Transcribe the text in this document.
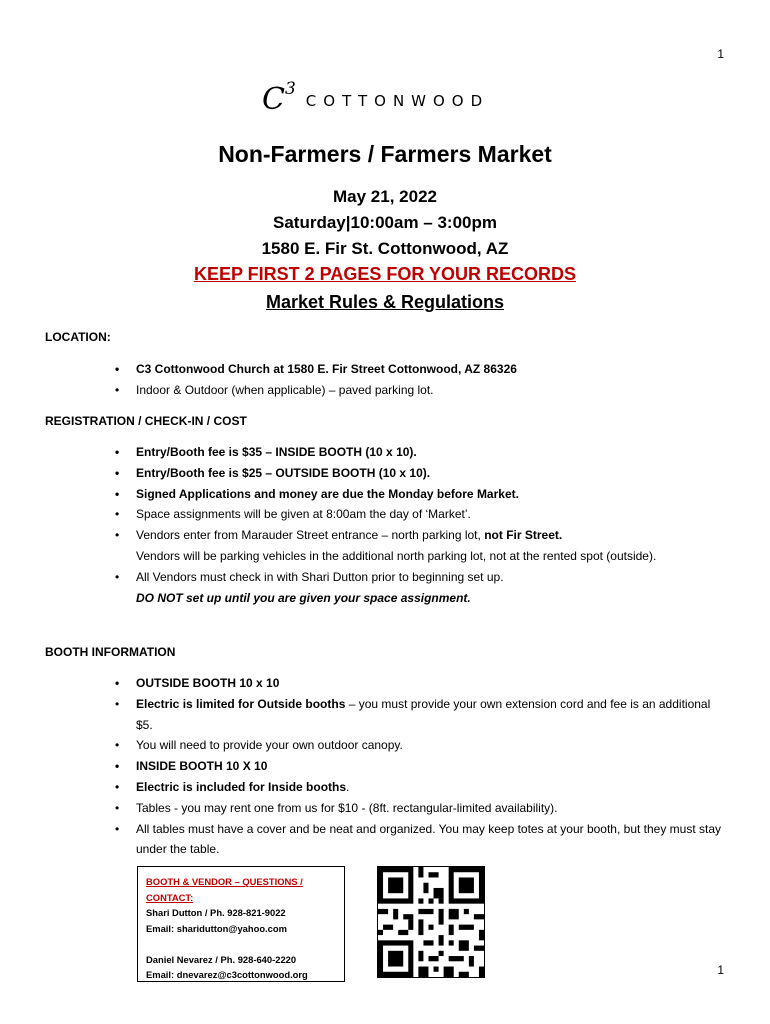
1
$C^3$
COTTONWOOD
Non-Farmers / Farmers Market
May 21, 2022
Saturday|10:00am – 3:00pm
1580 E. Fir St. Cottonwood, AZ
KEEP FIRST 2 PAGES FOR YOUR RECORDS
Market Rules & Regulations
LOCATION:
• C3 Cottonwood Church at 1580 E. Fir Street Cottonwood, AZ 86326
• Indoor & Outdoor (when applicable) – paved parking lot.
REGISTRATION / CHECK-IN / COST
• Entry/Booth fee is $35 – INSIDE BOOTH (10 x 10).
• Entry/Booth fee is $25 – OUTSIDE BOOTH (10 x 10).
• Signed Applications and money are due the Monday before Market.
• Space assignments will be given at 8:00am the day of ‘Market’.
• Vendors enter from Marauder Street entrance – north parking lot, not Fir Street.
Vendors will be parking vehicles in the additional north parking lot, not at the rented spot (outside).
• All Vendors must check in with Shari Dutton prior to beginning set up.
DO NOT set up until you are given your space assignment.
BOOTH INFORMATION
• OUTSIDE BOOTH 10 x 10
• Electric is limited for Outside booths – you must provide your own extension cord and fee is an additional $5.
• You will need to provide your own outdoor canopy.
• INSIDE BOOTH 10 X 10
• Electric is included for Inside booths.
• Tables - you may rent one from us for $10 - (8ft. rectangular-limited availability).
• All tables must have a cover and be neat and organized. You may keep totes at your booth, but they must stay under the table.
BOOTH & VENDOR – QUESTIONS / CONTACT:
Shari Dutton / Ph. 928-821-9022
Email: sharidutton@yahoo.com
Daniel Nevarez / Ph. 928-640-2220
Email: dnevarez@c3cottonwood.org	1
